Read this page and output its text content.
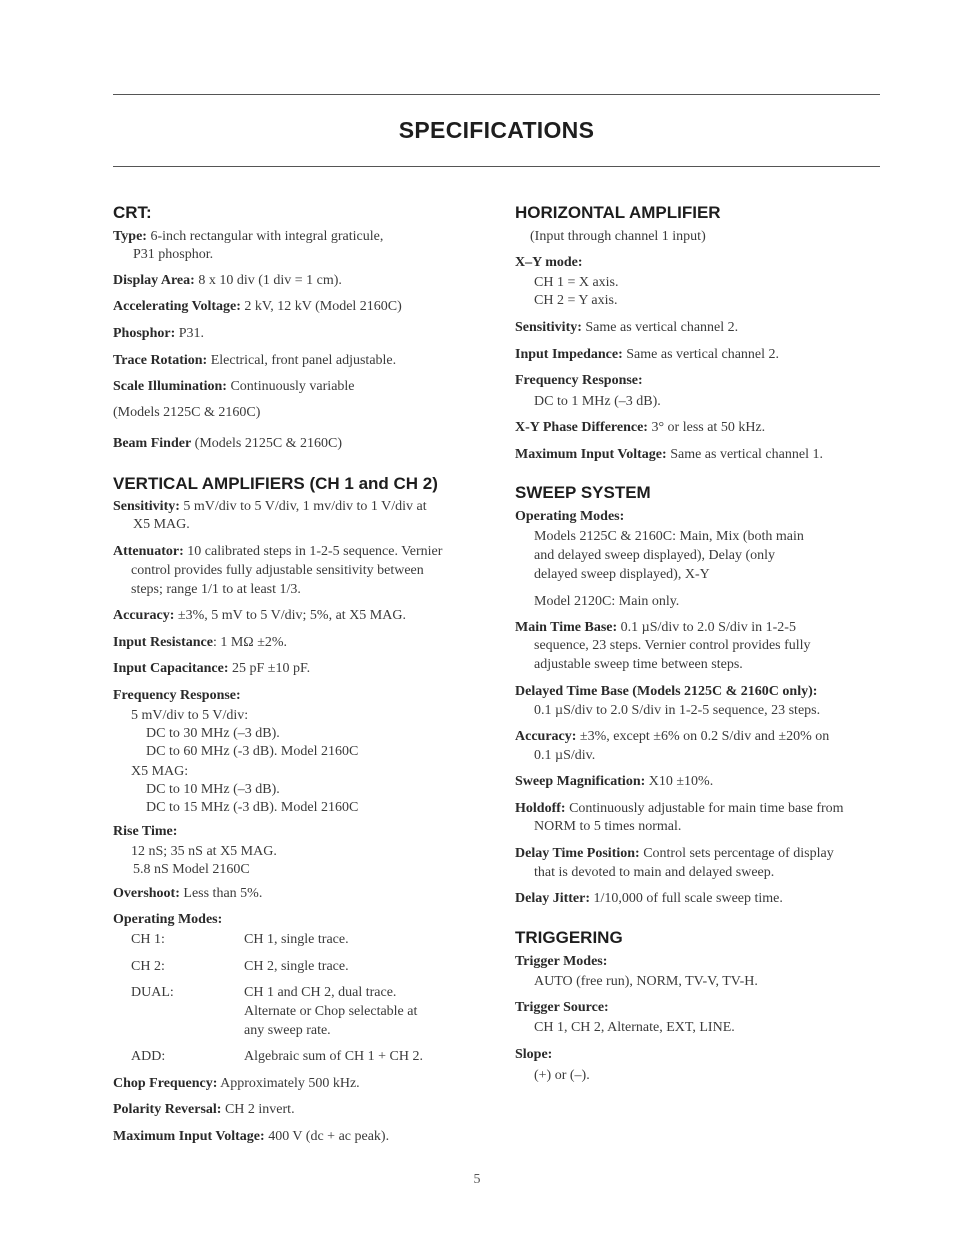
SPECIFICATIONS
CRT:
Type: 6-inch rectangular with integral graticule,
P31 phosphor.
Display Area: 8 x 10 div (1 div = 1 cm).
Accelerating Voltage: 2 kV, 12 kV (Model 2160C)
Phosphor: P31.
Trace Rotation: Electrical, front panel adjustable.
Scale Illumination: Continuously variable
(Models 2125C & 2160C)
Beam Finder (Models 2125C & 2160C)
VERTICAL AMPLIFIERS (CH 1 and CH 2)
Sensitivity: 5 mV/div to 5 V/div, 1 mv/div to 1 V/div at
X5 MAG.
Attenuator: 10 calibrated steps in 1-2-5 sequence. Vernier
control provides fully adjustable sensitivity between
steps; range 1/1 to at least 1/3.
Accuracy: ±3%, 5 mV to 5 V/div; 5%, at X5 MAG.
Input Resistance: 1 MΩ ±2%.
Input Capacitance: 25 pF ±10 pF.
Frequency Response:
5 mV/div to 5 V/div:
DC to 30 MHz (–3 dB).
DC to 60 MHz (-3 dB). Model 2160C
X5 MAG:
DC to 10 MHz (–3 dB).
DC to 15 MHz (-3 dB). Model 2160C
Rise Time:
12 nS; 35 nS at X5 MAG.
5.8 nS Model 2160C
Overshoot: Less than 5%.
Operating Modes:
CH 1:	CH 1, single trace.
CH 2:	CH 2, single trace.
DUAL:	CH 1 and CH 2, dual trace.
Alternate or Chop selectable at
any sweep rate.
ADD:	Algebraic sum of CH 1 + CH 2.
Chop Frequency: Approximately 500 kHz.
Polarity Reversal: CH 2 invert.
Maximum Input Voltage: 400 V (dc + ac peak).
HORIZONTAL AMPLIFIER
(Input through channel 1 input)
X–Y mode:
CH 1 = X axis.
CH 2 = Y axis.
Sensitivity: Same as vertical channel 2.
Input Impedance: Same as vertical channel 2.
Frequency Response:
DC to 1 MHz (–3 dB).
X-Y Phase Difference: 3° or less at 50 kHz.
Maximum Input Voltage: Same as vertical channel 1.
SWEEP SYSTEM
Operating Modes:
Models 2125C & 2160C: Main, Mix (both main
and delayed sweep displayed), Delay (only
delayed sweep displayed), X-Y
Model 2120C: Main only.
Main Time Base: 0.1 µS/div to 2.0 S/div in 1-2-5
sequence, 23 steps. Vernier control provides fully
adjustable sweep time between steps.
Delayed Time Base (Models 2125C & 2160C only):
0.1 µS/div to 2.0 S/div in 1-2-5 sequence, 23 steps.
Accuracy: ±3%, except ±6% on 0.2 S/div and ±20% on
0.1 µS/div.
Sweep Magnification: X10 ±10%.
Holdoff: Continuously adjustable for main time base from
NORM to 5 times normal.
Delay Time Position: Control sets percentage of display
that is devoted to main and delayed sweep.
Delay Jitter: 1/10,000 of full scale sweep time.
TRIGGERING
Trigger Modes:
AUTO (free run), NORM, TV-V, TV-H.
Trigger Source:
CH 1, CH 2, Alternate, EXT, LINE.
Slope:
(+) or (–).
5
